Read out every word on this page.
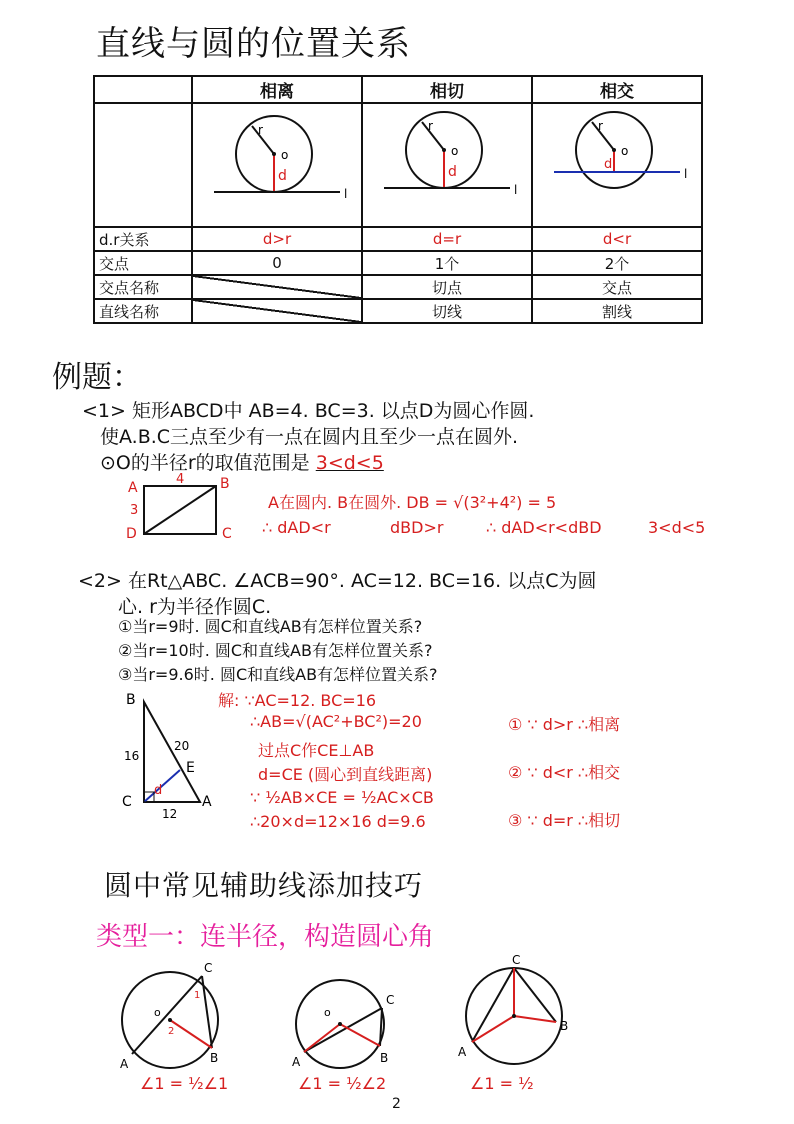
直线与圆的位置关系
	相离	相切	相交

r
o
d
l	r
o
d
l	r
o
d
l

d.r关系	d>r	d=r	d<r
交点	0	1个	2个
交点名称		切点	交点
直线名称		切线	割线
例题：
<1> 矩形ABCD中 AB=4. BC=3. 以点D为圆心作圆.
使A.B.C三点至少有一点在圆内且至少一点在圆外.
⊙O的半径r的取值范围是 3<d<5
A	B
C
D
4
3	A在圆内. B在圆外. DB = √(3²+4²) = 5
∴ dAD<r	dBD>r	∴ dAD<r<dBD	3<d<5
<2> 在Rt△ABC. ∠ACB=90°. AC=12. BC=16. 以点C为圆
心. r为半径作圆C.
①当r=9时. 圆C和直线AB有怎样位置关系?
②当r=10时. 圆C和直线AB有怎样位置关系?
③当r=9.6时. 圆C和直线AB有怎样位置关系?
B
C	A
E
d
16
20
12
解: ∵AC=12. BC=16
∴AB=√(AC²+BC²)=20
过点C作CE⊥AB
d=CE (圆心到直线距离)
∵ ½AB×CE = ½AC×CB
∴20×d=12×16 d=9.6
① ∵ d>r ∴相离
② ∵ d<r ∴相交
③ ∵ d=r ∴相切
圆中常见辅助线添加技巧
类型一：连半径，构造圆心角
o
C
A	B
1
2
o
C
A	B
C
A
B
∠1 = ½∠1	∠1 = ½∠2	∠1 = ½
2
